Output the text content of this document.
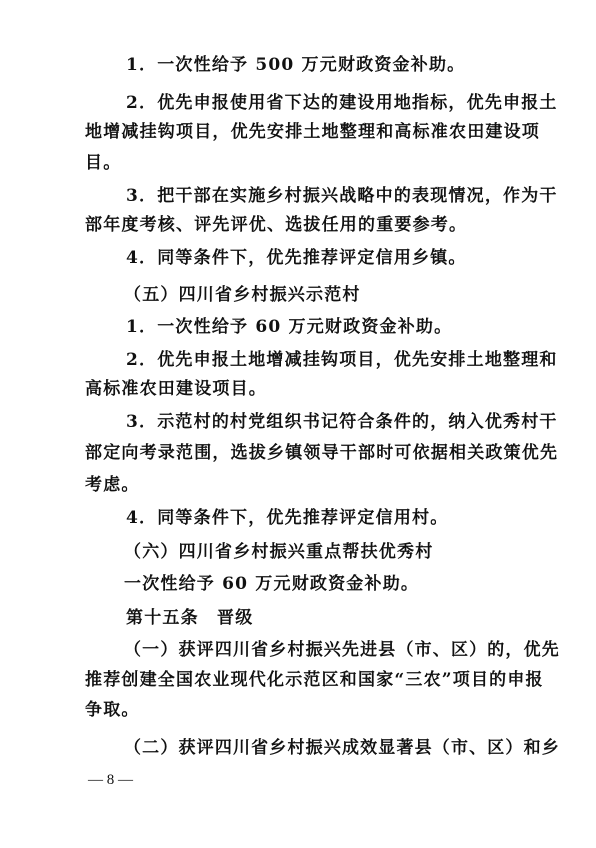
1．一次性给予 500 万元财政资金补助。
2．优先申报使用省下达的建设用地指标，优先申报土
地增减挂钩项目，优先安排土地整理和高标准农田建设项
目。
3．把干部在实施乡村振兴战略中的表现情况，作为干
部年度考核、评先评优、选拔任用的重要参考。
4．同等条件下，优先推荐评定信用乡镇。
（五）四川省乡村振兴示范村
1．一次性给予 60 万元财政资金补助。
2．优先申报土地增减挂钩项目，优先安排土地整理和
高标准农田建设项目。
3．示范村的村党组织书记符合条件的，纳入优秀村干
部定向考录范围，选拔乡镇领导干部时可依据相关政策优先
考虑。
4．同等条件下，优先推荐评定信用村。
（六）四川省乡村振兴重点帮扶优秀村
一次性给予 60 万元财政资金补助。
第十五条　晋级
（一）获评四川省乡村振兴先进县（市、区）的，优先
推荐创建全国农业现代化示范区和国家“三农”项目的申报
争取。
（二）获评四川省乡村振兴成效显著县（市、区）和乡
— 8 —
